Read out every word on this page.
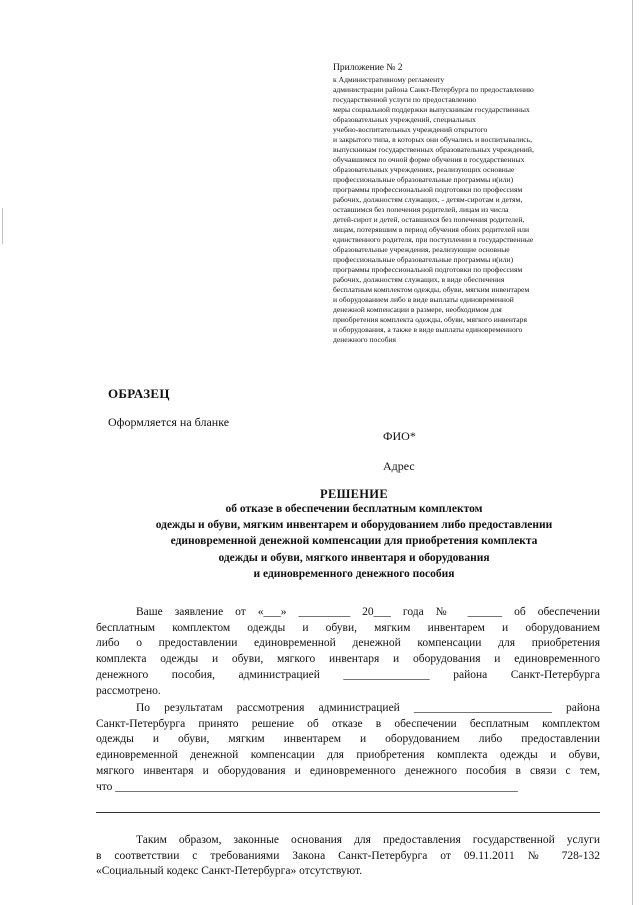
Приложение № 2
к Административному регламенту
администрации района Санкт-Петербурга по предоставлению
государственной услуги по предоставлению
меры социальной поддержки выпускникам государственных
образовательных учреждений, специальных
учебно-воспитательных учреждений открытого
и закрытого типа, в которых они обучались и воспитывались,
выпускникам государственных образовательных учреждений,
обучавшимся по очной форме обучения в государственных
образовательных учреждениях, реализующих основные
профессиональные образовательные программы и(или)
программы профессиональной подготовки по профессиям
рабочих, должностям служащих, - детям-сиротам и детям,
оставшимся без попечения родителей, лицам из числа
детей-сирот и детей, оставшихся без попечения родителей,
лицам, потерявшим в период обучения обоих родителей или
единственного родителя, при поступлении в государственные
образовательные учреждения, реализующие основные
профессиональные образовательные программы и(или)
программы профессиональной подготовки по профессиям
рабочих, должностям служащих, в виде обеспечения
бесплатным комплектом одежды, обуви, мягким инвентарем
и оборудованием либо в виде выплаты единовременной
денежной компенсации в размере, необходимом для
приобретения комплекта одежды, обуви, мягкого инвентаря
и оборудования, а также в виде выплаты единовременного
денежного пособия
ОБРАЗЕЦ
Оформляется на бланке
ФИО*
Адрес
РЕШЕНИЕ
об отказе в обеспечении бесплатным комплектом
одежды и обуви, мягким инвентарем и оборудованием либо предоставлении
единовременной денежной компенсации для приобретения комплекта
одежды и обуви, мягкого инвентаря и оборудования
и единовременного денежного пособия
Ваше заявление от «___» _________ 20___ года № ______ об обеспечении
бесплатным комплектом одежды и обуви, мягким инвентарем и оборудованием
либо о предоставлении единовременной денежной компенсации для приобретения
комплекта одежды и обуви, мягкого инвентаря и оборудования и единовременного
денежного пособия, администрацией _______________ района Санкт-Петербурга
рассмотрено.
По результатам рассмотрения администрацией ________________________ района
Санкт-Петербурга принято решение об отказе в обеспечении бесплатным комплектом
одежды и обуви, мягким инвентарем и оборудованием либо предоставлении
единовременной денежной компенсации для приобретения комплекта одежды и обуви,
мягкого инвентаря и оборудования и единовременного денежного пособия в связи с тем,
что ______________________________________________________________________
Таким образом, законные основания для предоставления государственной услуги
в соответствии с требованиями Закона Санкт-Петербурга от 09.11.2011 № 728-132
«Социальный кодекс Санкт-Петербурга» отсутствуют.
